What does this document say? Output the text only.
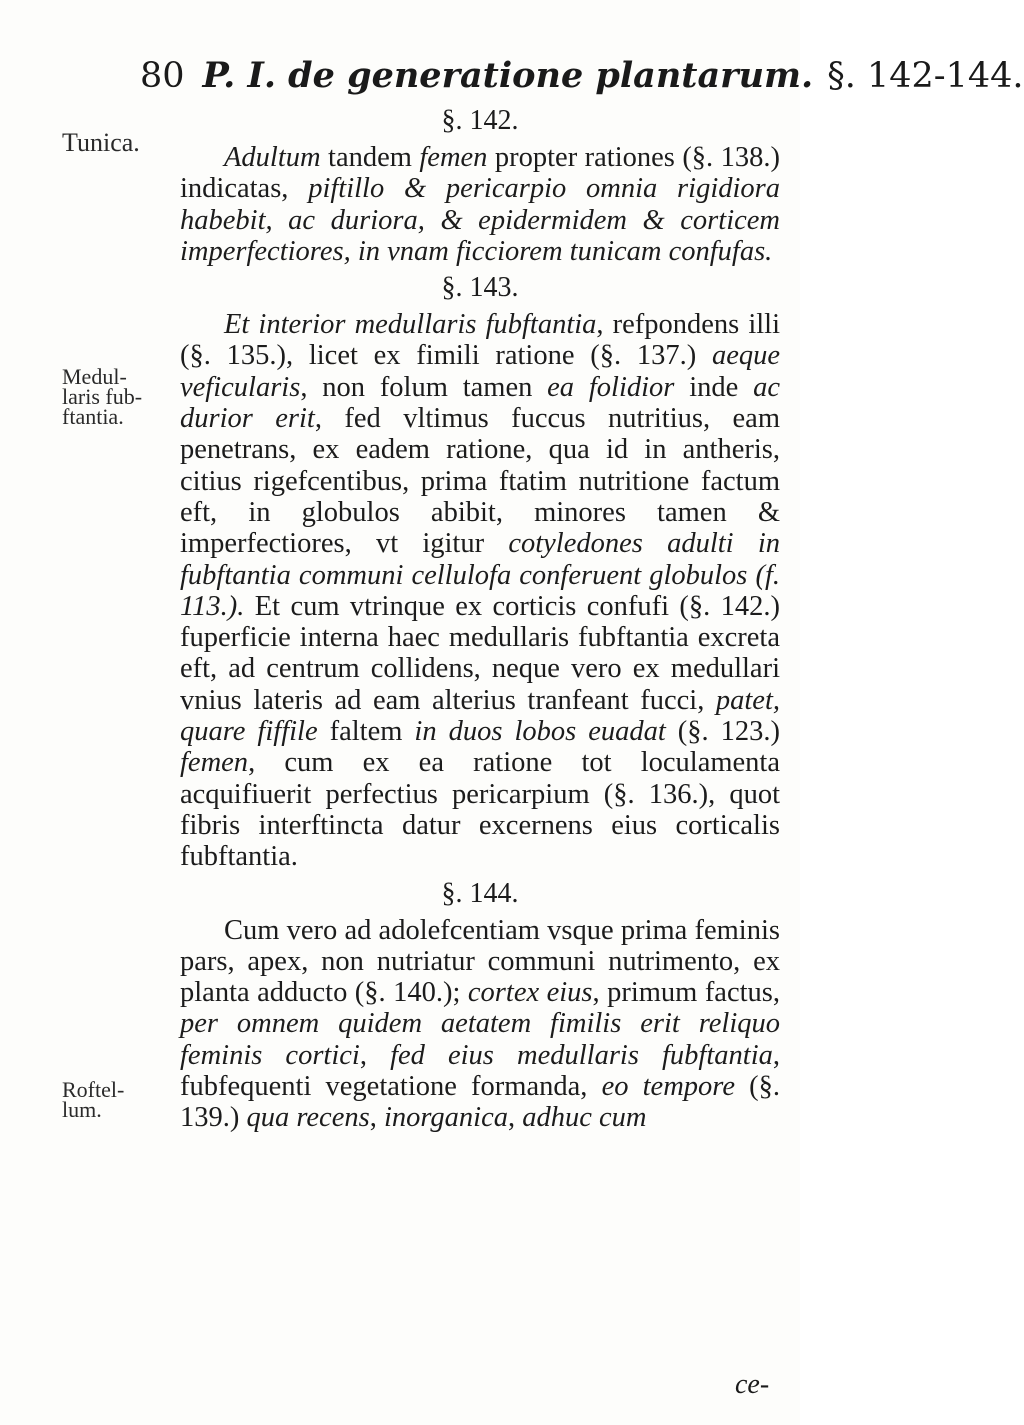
80 P. I. de generatione plantarum. §. 142-144.
Tunica.
Medul-
laris fub-
ftantia.
Roftel-
lum.
§. 142.

Adultum tandem femen propter rationes (§. 138.) indicatas, piftillo & pericarpio omnia rigidiora habebit, ac duriora, & epidermidem & corticem imperfectiores, in vnam ficciorem tunicam confufas.

§. 143.

Et interior medullaris fubftantia, refpondens illi (§. 135.), licet ex fimili ratione (§. 137.) aeque veficularis, non folum tamen ea folidior inde ac durior erit, fed vltimus fuccus nutritius, eam penetrans, ex eadem ratione, qua id in antheris, citius rigefcentibus, prima ftatim nutritione factum eft, in globulos abibit, minores tamen & imperfectiores, vt igitur cotyledones adulti in fubftantia communi cellulofa conferuent globulos (f. 113.). Et cum vtrinque ex corticis confufi (§. 142.) fuperficie interna haec medullaris fubftantia excreta eft, ad centrum collidens, neque vero ex medullari vnius lateris ad eam alterius tranfeant fucci, patet, quare fiffile faltem in duos lobos euadat (§. 123.) femen, cum ex ea ratione tot loculamenta acquifiuerit perfectius pericarpium (§. 136.), quot fibris interftincta datur excernens eius corticalis fubftantia.

§. 144.

Cum vero ad adolefcentiam vsque prima feminis pars, apex, non nutriatur communi nutrimento, ex planta adducto (§. 140.); cortex eius, primum factus, per omnem quidem aetatem fimilis erit reliquo feminis cortici, fed eius medullaris fubftantia, fubfequenti vegetatione formanda, eo tempore (§. 139.) qua recens, inorganica, adhuc cum

ce-
